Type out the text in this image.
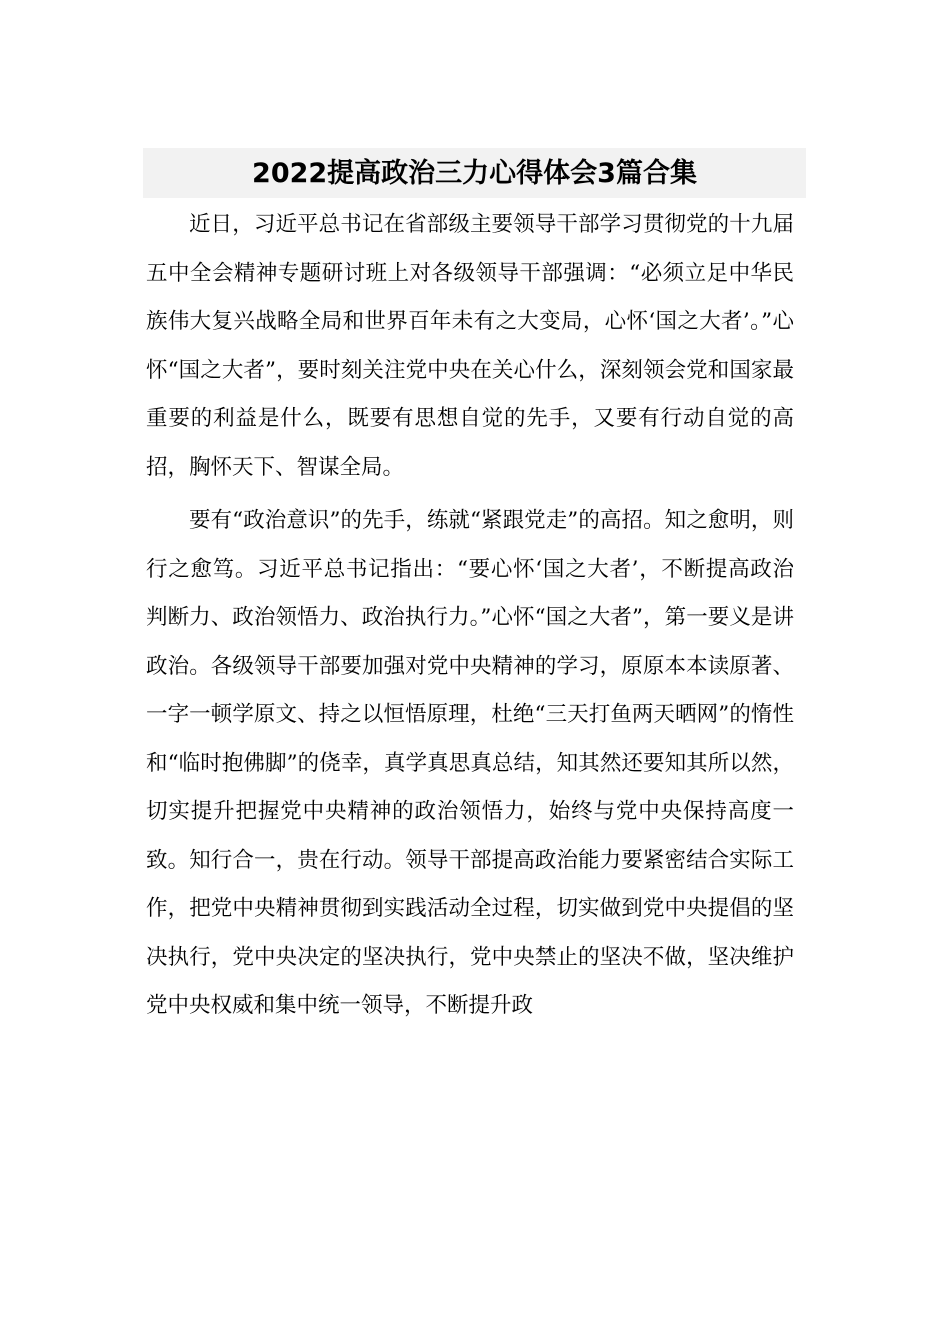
2022提高政治三力心得体会3篇合集

近日，习近平总书记在省部级主要领导干部学习贯彻党的十九届五中全会精神专题研讨班上对各级领导干部强调：“必须立足中华民族伟大复兴战略全局和世界百年未有之大变局，心怀‘国之大者’。”心怀“国之大者”，要时刻关注党中央在关心什么，深刻领会党和国家最重要的利益是什么，既要有思想自觉的先手，又要有行动自觉的高招，胸怀天下、智谋全局。

要有“政治意识”的先手，练就“紧跟党走”的高招。知之愈明，则行之愈笃。习近平总书记指出：“要心怀‘国之大者’，不断提高政治判断力、政治领悟力、政治执行力。”心怀“国之大者”，第一要义是讲政治。各级领导干部要加强对党中央精神的学习，原原本本读原著、一字一顿学原文、持之以恒悟原理，杜绝“三天打鱼两天晒网”的惰性和“临时抱佛脚”的侥幸，真学真思真总结，知其然还要知其所以然，切实提升把握党中央精神的政治领悟力，始终与党中央保持高度一致。知行合一，贵在行动。领导干部提高政治能力要紧密结合实际工作，把党中央精神贯彻到实践活动全过程，切实做到党中央提倡的坚决执行，党中央决定的坚决执行，党中央禁止的坚决不做，坚决维护党中央权威和集中统一领导，不断提升政
